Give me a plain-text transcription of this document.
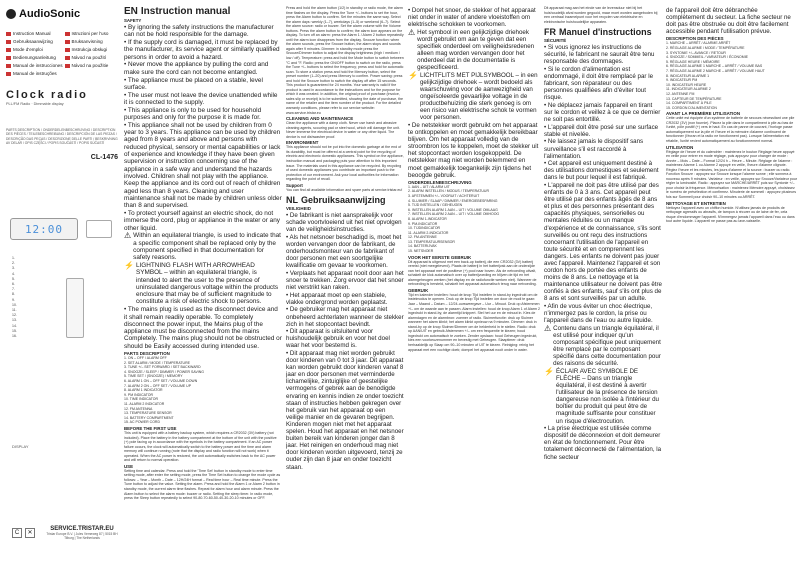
AudioSonic
Instruction Manual	Istruzioni per l'uso
Gebruiksaanwijzing	Bruksanvisning
Mode d'emploi	Instrukcja obsługi
Bedienungsanleitung	Návod na použití
Manual de instrucciones Návod na použitie
Manual de instruções
Clock radio
PLL/FM Radio · Dimmable display
CL-1476
PARTS DESCRIPTION / ONDERDELENBESCHRIJVING / DESCRIPTION DES PIÈCES / TEILEBESCHREIBUNG / DESCRIPCIÓN DE LAS PIEZAS / DESCRIÇÃO DAS PEÇAS / DESCRIZIONE DELLE PARTI / BESKRIVNING AV DELAR / OPIS CZĘŚCI / POPIS SOUČÁSTÍ / POPIS SÚČASTÍ
12:00
1.
2.
3.
4.
5.
6.
7.
8.
9.
10.
11.
12.
13.
14.
15.
16.
DISPLAY
C	✕
SERVICE.TRISTAR.EU
Tristar Europe B.V. | Jules Verneweg 87 | 5015 BH Tilburg | The Netherlands
EN Instruction manual
SAFETY

• By ignoring the safety instructions the manufacturer can not be hold responsible for the damage.

• If the supply cord is damaged, it must be replaced by the manufacturer, its service agent or similarly qualified persons in order to avoid a hazard.

• Never move the appliance by pulling the cord and make sure the cord can not become entangled.

• The appliance must be placed on a stable, level surface.

• The user must not leave the device unattended while it is connected to the supply.

• This appliance is only to be used for household purposes and only for the purpose it is made for.

• This appliance shall not be used by children from 0 year to 3 years. This appliance can be used by children aged from 8 years and above and persons with reduced physical, sensory or mental capabilities or lack of experience and knowledge if they have been given supervision or instruction concerning use of the appliance in a safe way and understand the hazards involved. Children shall not play with the appliance. Keep the appliance and its cord out of reach of children aged less than 8 years. Cleaning and user maintenance shall not be made by children unless older than 8 and supervised.

• To protect yourself against an electric shock, do not immerse the cord, plug or appliance in the water or any other liquid.

⚠ Within an equilateral triangle, is used to indicate that a specific component shall be replaced only by the component specified in that documentation for safety reasons.

⚡ LIGHTNING FLASH WITH ARROWHEAD SYMBOL – within an equilateral triangle, is intended to alert the user to the presence of uninsulated dangerous voltage within the products enclosure that may be of sufficient magnitude to constitute a risk of electric shock to persons.

• The mains plug is used as the disconnect device and it shall remain readily operable. To completely disconnect the power input, the Mains plug of the appliance must be disconnected from the mains Completely. The mains plug should not be obstructed or should be Easily accessed during intended use.

PARTS DESCRIPTION
1. ON – OFF / ALARM OFF
2. SET ALARM / MODE / TEMPERATURE
3. TUNE +/– SET FORWARD / SET BACKWARD
4. SNOOZE / SLEEP / DIMMER / POWER SAVING
5. TIME SET / (SNOOZE) / MEMORY
6. ALARM 1 ON – OFF SET / VOLUME DOWN
7. ALARM 2 ON – OFF SET / VOLUME UP
8. ALARM 1 INDICATOR
9. PM INDICATOR
10. TIME INDICATOR
11. ALARM 2 INDICATOR
12. FM ANTENNA
13. TEMPERATURE SENSOR
14. BATTERY COMPARTMENT
15. AC POWER CORD
BEFORE THE FIRST USE
This unit is equipped with a battery backup system, which requires a CR2032 (3V) battery (not included). Place the battery in the battery compartment at the bottom of the unit with the positive (+) pole facing up in accordance with the symbols in the battery compartment. If an AC power failure occurs, the clock will automatically switch to the battery power and the time and alarm memory will continue running (note that the display and radio function will not work) when it operated. When the AC power is restored, the unit automatically switches back to the AC power and will return to normal operation.
USE
Setting time and calendar. Press and hold the 'Time Set' button in standby mode to enter time setting mode, after enter the setting mode, press the Time Set button to change the mode cycle as follows: – Year – Month – Date – 12H/24H format – Real time hour – Real time minute. Press the Tune button to adjust the value. Setting the alarm. Press and hold the Alarm 1 or Alarm 2 button in standby mode, the current alarm time flashes. Repeat for alarm hour and alarm minute. Press the Alarm button to select the alarm mode: buzzer or radio. Setting the sleep timer. In radio mode, press the Sleep button repeatedly to select 90-80-70-60-50-40-30-20-10 minutes or OFF.
Press and hold the alarm button (1/2) in standby or radio mode, the alarm time flashes on the display. Press the Tune +/– buttons to set the hour, press the Alarm button to confirm. Set the minutes the same way. Select the alarm days: weekly (1–7), weekdays (1–5) or weekend (6–7). Select the alarm source: radio or buzzer. Set the alarm volume with the Volume buttons. Press the alarm button to confirm; the alarm icon appears on the display. To turn off an alarm: press the Alarm 1 / Alarm 2 button repeatedly until the alarm icon disappears from the display. Snooze function: when the alarm sounds, press the Snooze button, the alarm stops and sounds again after 9 minutes. Dimmer: in standby mode press the Snooze/Dimmer button to adjust the display brightness (high / medium / low / off). Temperature: press and hold the Mode button to switch between °C and °F. Radio: press the ON/OFF button to switch on the radio, press the Tune +/– buttons to select the frequency; press and hold for automatic scan. To store a station press and hold the Memory button, select the preset number (1–20) and press Memory to confirm. Power saving: press and hold the Snooze button to switch the display off after 15 seconds. This product is guaranteed for 24 months. Your warranty is valid if the product is used in accordance to the instructions and for the purpose for which it was created. In addition, the original proof of purchase (invoice, sales slip or receipt) is to be submitted, showing the date of purchase, the name of the retailer and the item number of the product. For the detailed warranty conditions, please refer to our service website: www.service.tristar.eu
CLEANING AND MAINTENANCE
Clean the appliance with a damp cloth. Never use harsh and abrasive cleaning agents, scouring pad or steel wool, which will damage the unit. Never immerse the electrical device in water or any other liquid. The device is not dishwasher proof.
ENVIRONMENT
This appliance should not be put into the domestic garbage at the end of its durability, but must be offered at a central point for the recycling of electric and electronic domestic appliances. This symbol on the appliance, instruction manual and packaging puts your attention to this important issue. The materials used in this appliance can be recycled. By recycling of used domestic appliances you contribute an important push to the protection of our environment. Ask your local authorities for information regarding the point of recall.
Support
You can find all available information and spare parts at service.tristar.eu!
NL Gebruiksaanwijzing
VEILIGHEID

• De fabrikant is niet aansprakelijk voor schade voortvloeiend uit het niet opvolgen van de veiligheidsinstructies.

• Als het netsnoer beschadigd is, moet het worden vervangen door de fabrikant, de onderhoudsmonteur van de fabrikant of door personen met een soortgelijke kwalificatie om gevaar te voorkomen.

• Verplaats het apparaat nooit door aan het snoer te trekken. Zorg ervoor dat het snoer niet verstrikt kan raken.

• Het apparaat moet op een stabiele, vlakke ondergrond worden geplaatst.

• De gebruiker mag het apparaat niet onbeheerd achterlaten wanneer de stekker zich in het stopcontact bevindt.

• Dit apparaat is uitsluitend voor huishoudelijk gebruik en voor het doel waar het voor bestemd is.

• Dit apparaat mag niet worden gebruikt door kinderen van 0 tot 3 jaar. Dit apparaat kan worden gebruikt door kinderen vanaf 8 jaar en door personen met verminderde lichamelijke, zintuiglijke of geestelijke vermogens of gebrek aan de benodigde ervaring en kennis indien ze onder toezicht staan of instructies hebben gekregen over het gebruik van het apparaat op een veilige manier en de gevaren begrijpen. Kinderen mogen niet met het apparaat spelen. Houd het apparaat en het netsnoer buiten bereik van kinderen jonger dan 8 jaar. Het reinigen en onderhoud mag niet door kinderen worden uitgevoerd, tenzij ze ouder zijn dan 8 jaar en onder toezicht staan.

• Dompel het snoer, de stekker of het apparaat niet onder in water of andere vloeistoffen om elektrische schokken te voorkomen.

⚠ Het symbool in een gelijkzijdige driehoek wordt gebruikt om aan te geven dat een specifiek onderdeel om veiligheidsredenen alleen mag worden vervangen door het onderdeel dat in de documentatie is gespecificeerd.

⚡ LICHTFLITS MET PIJLSYMBOOL – in een gelijkzijdige driehoek – wordt bedoeld als waarschuwing voor de aanwezigheid van ongeïsoleerde gevaarlijke voltage in de productbehuizing die sterk genoeg is om een risico van elektrische schok te vormen voor personen.

• De netstekker wordt gebruikt om het apparaat te ontkoppelen en moet gemakkelijk bereikbaar blijven. Om het apparaat volledig van de stroombron los te koppelen, moet de stekker uit het stopcontact worden losgekoppeld. De netstekker mag niet worden belemmerd en moet gemakkelijk toegankelijk zijn tijdens het beoogde gebruik.

ONDERDELENBESCHRIJVING
1. AAN – UIT / ALARM UIT
2. ALARM INSTELLEN / MODUS / TEMPERATUUR
3. AFSTEMMEN +/– VOORUIT / ACHTERUIT
4. SLUIMER / SLAAP / DIMMER / ENERGIEBESPARING
5. TIJD INSTELLEN / GEHEUGEN
6. INSTELLEN ALARM 1 AAN – UIT / VOLUME OMLAAG
7. INSTELLEN ALARM 2 AAN – UIT / VOLUME OMHOOG
8. ALARM 1-INDICATOR
9. PM-INDICATOR
10. TIJDINDICATOR
11. ALARM 2-INDICATOR
12. FM-ANTENNE
13. TEMPERATUURSENSOR
14. BATTERIJVAK
15. NETSNOER
VOOR HET EERSTE GEBRUIK
Dit apparaat is uitgerust met een back-up batterij, die een CR2032 (3V) batterij vereist (niet meegeleverd). Plaats de batterij in het batterijvak aan de onderzijde van het apparaat met de positieve (+) pool naar boven. Als de netvoeding uitvalt, schakelt de klok automatisch over op batterijvoeding en blijven de tijd en het alarmgeheugen werken (het display en de radiofunctie werken niet). Wanneer de netvoeding is hersteld, schakelt het apparaat automatisch terug naar netvoeding.
GEBRUIK
Tijd en kalender instellen: houd de knop Tijd instellen in stand-by ingedrukt om de instelmodus te openen. Druk op de knop Tijd instellen om door de modi te gaan: Jaar – Maand – Datum – 12/24-uursweergave – Uur – Minuut. Druk op Afstemmen +/– om de waarde aan te passen. Alarm instellen: houd de knop Alarm 1 of Alarm 2 ingedrukt in stand-by, de alarmtijd knippert. Stel het uur en de minuut in. Kies de alarmdagen en de alarmbron: zoemer of radio. Sluimerfunctie: druk op Sluimer wanneer het alarm klinkt; het alarm klinkt opnieuw na 9 minuten. Dimmer: druk in stand-by op de knop Sluimer/Dimmer om de helderheid in te stellen. Radio: druk op AAN/UIT en gebruik Afstemmen +/– om een frequentie te kiezen; houd ingedrukt om automatisch te zoeken. Zender opslaan: houd Geheugen ingedrukt, kies een voorkeuzenummer en bevestig met Geheugen. Slaaptimer: druk herhaaldelijk op Slaap om 90–10 minuten of UIT te kiezen. Reiniging: reinig het apparaat met een vochtige doek; dompel het apparaat nooit onder in water.
Dit apparaat mag aan het einde van de levensduur niet bij het huishoudelijk afval worden gegooid, maar moet worden aangeboden bij een centraal inzamelpunt voor het recyclen van elektrische en elektronische huishoudelijke apparaten.
FR Manuel d'instructions
SÉCURITÉ

• Si vous ignorez les instructions de sécurité, le fabricant ne saurait être tenu responsable des dommages.

• Si le cordon d'alimentation est endommagé, il doit être remplacé par le fabricant, son réparateur ou des personnes qualifiées afin d'éviter tout risque.

• Ne déplacez jamais l'appareil en tirant sur le cordon et veillez à ce que ce dernier ne soit pas entortillé.

• L'appareil doit être posé sur une surface stable et nivelée.

• Ne laissez jamais le dispositif sans surveillance s'il est raccordé à l'alimentation.

• Cet appareil est uniquement destiné à des utilisations domestiques et seulement dans le but pour lequel il est fabriqué.

• L'appareil ne doit pas être utilisé par des enfants de 0 à 3 ans. Cet appareil peut être utilisé par des enfants âgés de 8 ans et plus et des personnes présentant des capacités physiques, sensorielles ou mentales réduites ou un manque d'expérience et de connaissance, s'ils sont surveillés ou ont reçu des instructions concernant l'utilisation de l'appareil en toute sécurité et en comprennent les dangers. Les enfants ne doivent pas jouer avec l'appareil. Maintenez l'appareil et son cordon hors de portée des enfants de moins de 8 ans. Le nettoyage et la maintenance utilisateur ne doivent pas être confiés à des enfants, sauf s'ils ont plus de 8 ans et sont surveillés par un adulte.

• Afin de vous éviter un choc électrique, n'immergez pas le cordon, la prise ou l'appareil dans de l'eau ou autre liquide.

⚠ Contenu dans un triangle équilatéral, il est utilisé pour indiquer qu'un composant spécifique peut uniquement être remplacé par le composant spécifié dans cette documentation pour des raisons de sécurité.

⚡ ÉCLAIR AVEC SYMBOLE DE FLÈCHE – Dans un triangle équilatéral, il est destiné à avertir l'utilisateur de la présence de tension dangereuse non isolée à l'intérieur du boîtier du produit qui peut être de magnitude suffisante pour constituer un risque d'électrocution.

• La prise électrique est utilisée comme dispositif de déconnexion et doit demeurer en état de fonctionnement. Pour être totalement déconnecté de l'alimentation, la fiche secteur

de l'appareil doit être débranchée complètement du secteur. La fiche secteur ne doit pas être obstruée ou doit être facilement accessible pendant l'utilisation prévue.
DESCRIPTION DES PIÈCES
1. MARCHE – ARRÊT / ALARME ARRÊT
2. RÉGLAGE ALARME / MODE / TEMPÉRATURE
3. SYNTONIE +/– AVANCE / RETOUR
4. SNOOZE / SOMMEIL / VARIATEUR / ÉCONOMIE
5. RÉGLAGE HEURE / MÉMOIRE
6. RÉGLAGE ALARME 1 MARCHE – ARRÊT / VOLUME BAS
7. RÉGLAGE ALARME 2 MARCHE – ARRÊT / VOLUME HAUT
8. INDICATEUR ALARME 1
9. INDICATEUR PM
10. INDICATEUR HEURE
11. INDICATEUR ALARME 2
12. ANTENNE FM
13. CAPTEUR DE TEMPÉRATURE
14. COMPARTIMENT À PILE
15. CORDON D'ALIMENTATION
AVANT LA PREMIÈRE UTILISATION
Cette unité est équipée d'un système de batterie de secours nécessitant une pile CR2032 (3V) (non fournie). Placez la pile dans le compartiment à pile au bas de l'unité, pôle positif (+) vers le haut. En cas de panne de courant, l'horloge passe automatiquement sur la pile et l'heure et la mémoire d'alarme continuent de fonctionner (l'écran et la radio ne fonctionnent pas). Lorsque l'alimentation est rétablie, l'unité revient automatiquement au fonctionnement normal.
UTILISATION
Réglage de l'heure et du calendrier : maintenez le bouton Réglage heure appuyé en veille pour entrer en mode réglage, puis appuyez pour changer de mode : Année – Mois – Date – Format 12/24 h – Heure – Minute. Réglage de l'alarme : maintenez Alarme 1 ou Alarme 2 appuyé en veille, l'heure d'alarme clignote. Réglez l'heure et les minutes, les jours d'alarme et la source : buzzer ou radio. Fonction Snooze : appuyez sur Snooze lorsque l'alarme sonne ; elle sonnera à nouveau après 9 minutes. Variateur : en veille, appuyez sur Snooze/Variateur pour régler la luminosité. Radio : appuyez sur MARCHE/ARRÊT puis sur Syntonie +/– pour choisir la fréquence. Mémorisation : maintenez Mémoire appuyé, choisissez le numéro de présélection et confirmez. Minuterie de sommeil : appuyez plusieurs fois sur Sommeil pour choisir 90–10 minutes ou ARRÊT.
NETTOYAGE ET ENTRETIEN
Nettoyez l'appareil avec un chiffon humide. N'utilisez jamais de produits de nettoyage agressifs ou abrasifs, de tampon à récurer ou de laine de fer, cela risque d'endommager l'appareil. N'immergez jamais l'appareil dans l'eau ou dans tout autre liquide. L'appareil ne passe pas au lave-vaisselle.
